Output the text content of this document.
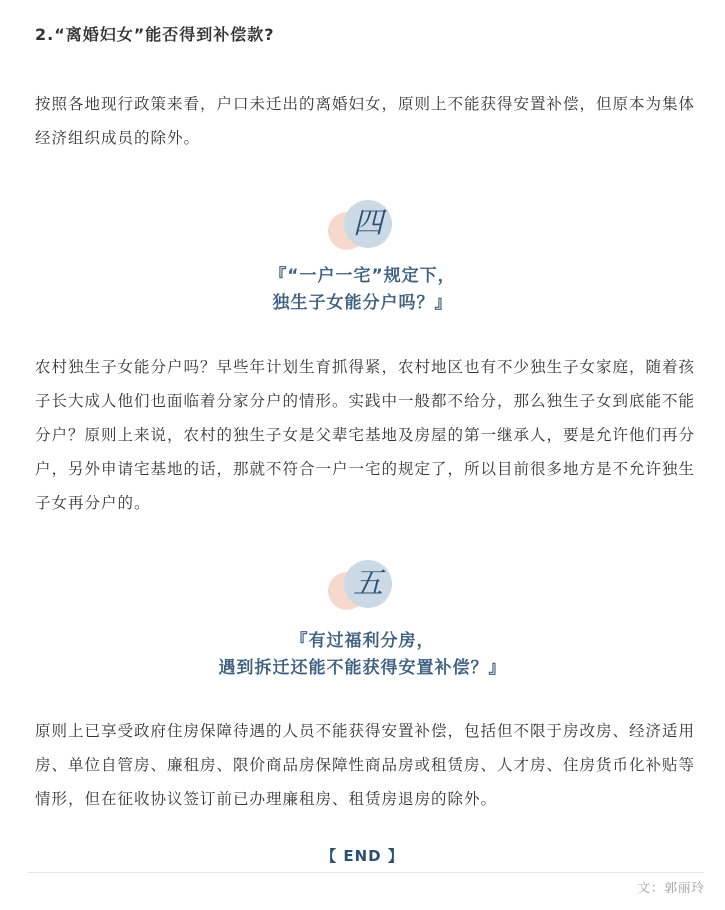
2.“离婚妇女”能否得到补偿款?
按照各地现行政策来看，户口未迁出的离婚妇女，原则上不能获得安置补偿，但原本为集体经济组织成员的除外。
四
『“一户一宅”规定下，
独生子女能分户吗？』
农村独生子女能分户吗？早些年计划生育抓得紧，农村地区也有不少独生子女家庭，随着孩子长大成人他们也面临着分家分户的情形。实践中一般都不给分，那么独生子女到底能不能分户？原则上来说，农村的独生子女是父辈宅基地及房屋的第一继承人，要是允许他们再分户，另外申请宅基地的话，那就不符合一户一宅的规定了，所以目前很多地方是不允许独生子女再分户的。
五
『有过福利分房，
遇到拆迁还能不能获得安置补偿？』
原则上已享受政府住房保障待遇的人员不能获得安置补偿，包括但不限于房改房、经济适用房、单位自管房、廉租房、限价商品房保障性商品房或租赁房、人才房、住房货币化补贴等情形，但在征收协议签订前已办理廉租房、租赁房退房的除外。
【 END 】
文：郭丽玲
